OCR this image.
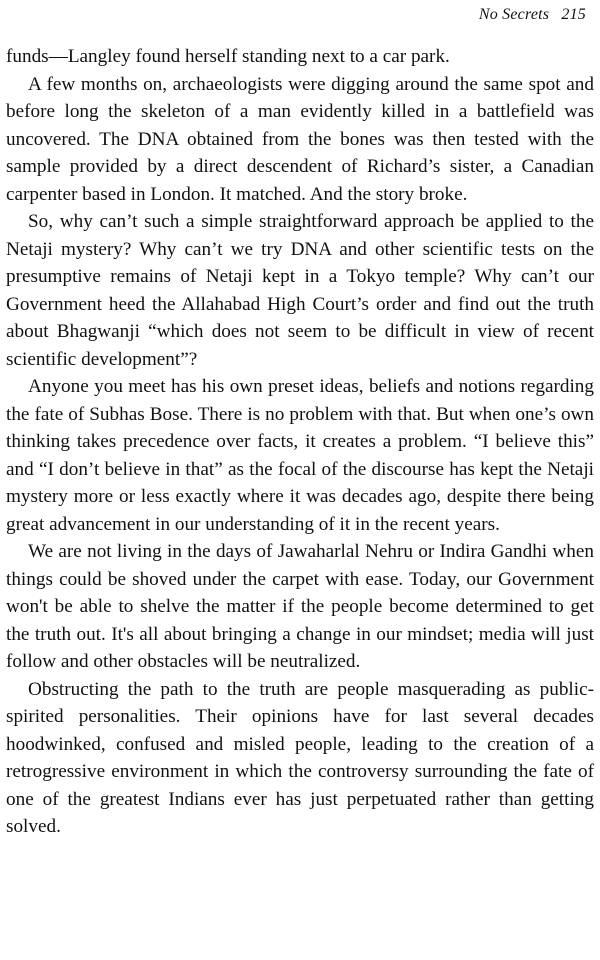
No Secrets 215

funds—Langley found herself standing next to a car park.

A few months on, archaeologists were digging around the same spot and before long the skeleton of a man evidently killed in a battlefield was uncovered. The DNA obtained from the bones was then tested with the sample provided by a direct descendent of Richard’s sister, a Canadian carpenter based in London. It matched. And the story broke.

So, why can’t such a simple straightforward approach be applied to the Netaji mystery? Why can’t we try DNA and other scientific tests on the presumptive remains of Netaji kept in a Tokyo temple? Why can’t our Government heed the Allahabad High Court’s order and find out the truth about Bhagwanji “which does not seem to be difficult in view of recent scientific development”?

Anyone you meet has his own preset ideas, beliefs and notions regarding the fate of Subhas Bose. There is no problem with that. But when one’s own thinking takes precedence over facts, it creates a problem. “I believe this” and “I don’t believe in that” as the focal of the discourse has kept the Netaji mystery more or less exactly where it was decades ago, despite there being great advancement in our understanding of it in the recent years.

We are not living in the days of Jawaharlal Nehru or Indira Gandhi when things could be shoved under the carpet with ease. Today, our Government won't be able to shelve the matter if the people become determined to get the truth out. It's all about bringing a change in our mindset; media will just follow and other obstacles will be neutralized.

Obstructing the path to the truth are people masquerading as public-spirited personalities. Their opinions have for last several decades hoodwinked, confused and misled people, leading to the creation of a retrogressive environment in which the controversy surrounding the fate of one of the greatest Indians ever has just perpetuated rather than getting solved.
